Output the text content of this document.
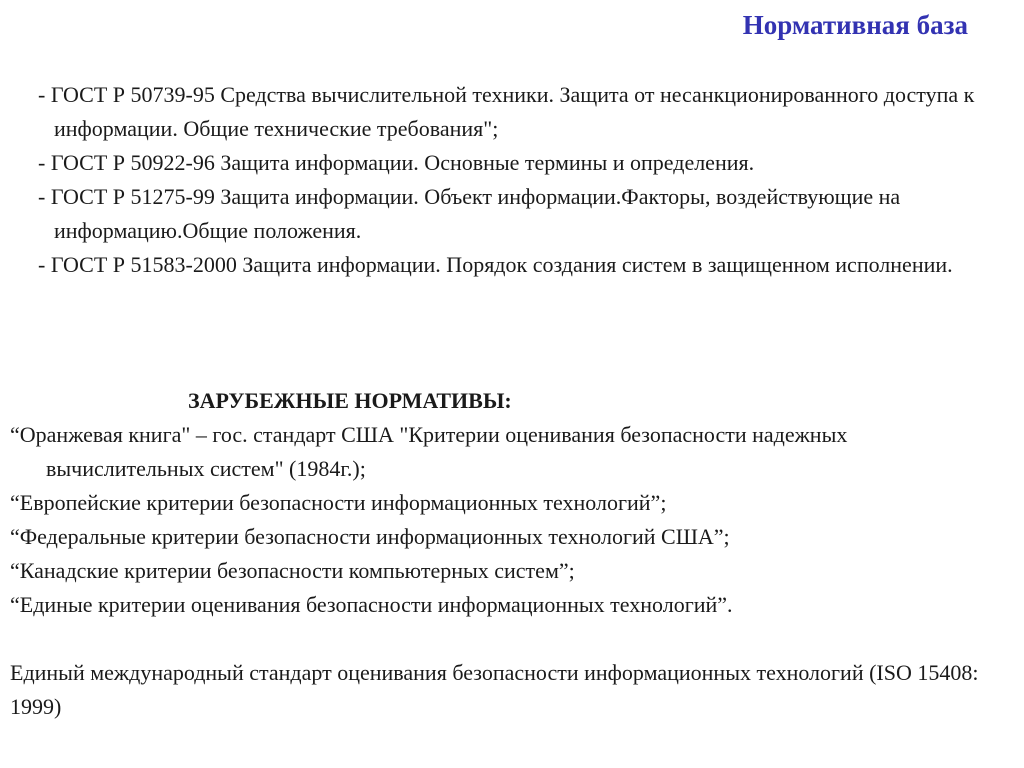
Нормативная база
- ГОСТ Р 50739-95 Средства вычислительной техники. Защита от несанкционированного доступа к информации. Общие технические требования";
- ГОСТ Р 50922-96 Защита информации. Основные термины и определения.
- ГОСТ Р 51275-99 Защита информации. Объект информации.Факторы, воздействующие на информацию.Общие положения.
- ГОСТ Р 51583-2000 Защита информации. Порядок создания систем в защищенном исполнении.
ЗАРУБЕЖНЫЕ НОРМАТИВЫ:
“Оранжевая книга" – гос. стандарт США "Критерии оценивания безопасности надежных вычислительных систем" (1984г.);
“Европейские критерии безопасности информационных технологий”;
“Федеральные критерии безопасности информационных технологий США”;
“Канадские критерии безопасности компьютерных систем”;
“Единые критерии оценивания безопасности информационных технологий”.

Единый международный стандарт оценивания безопасности информационных технологий (ISO 15408: 1999)
